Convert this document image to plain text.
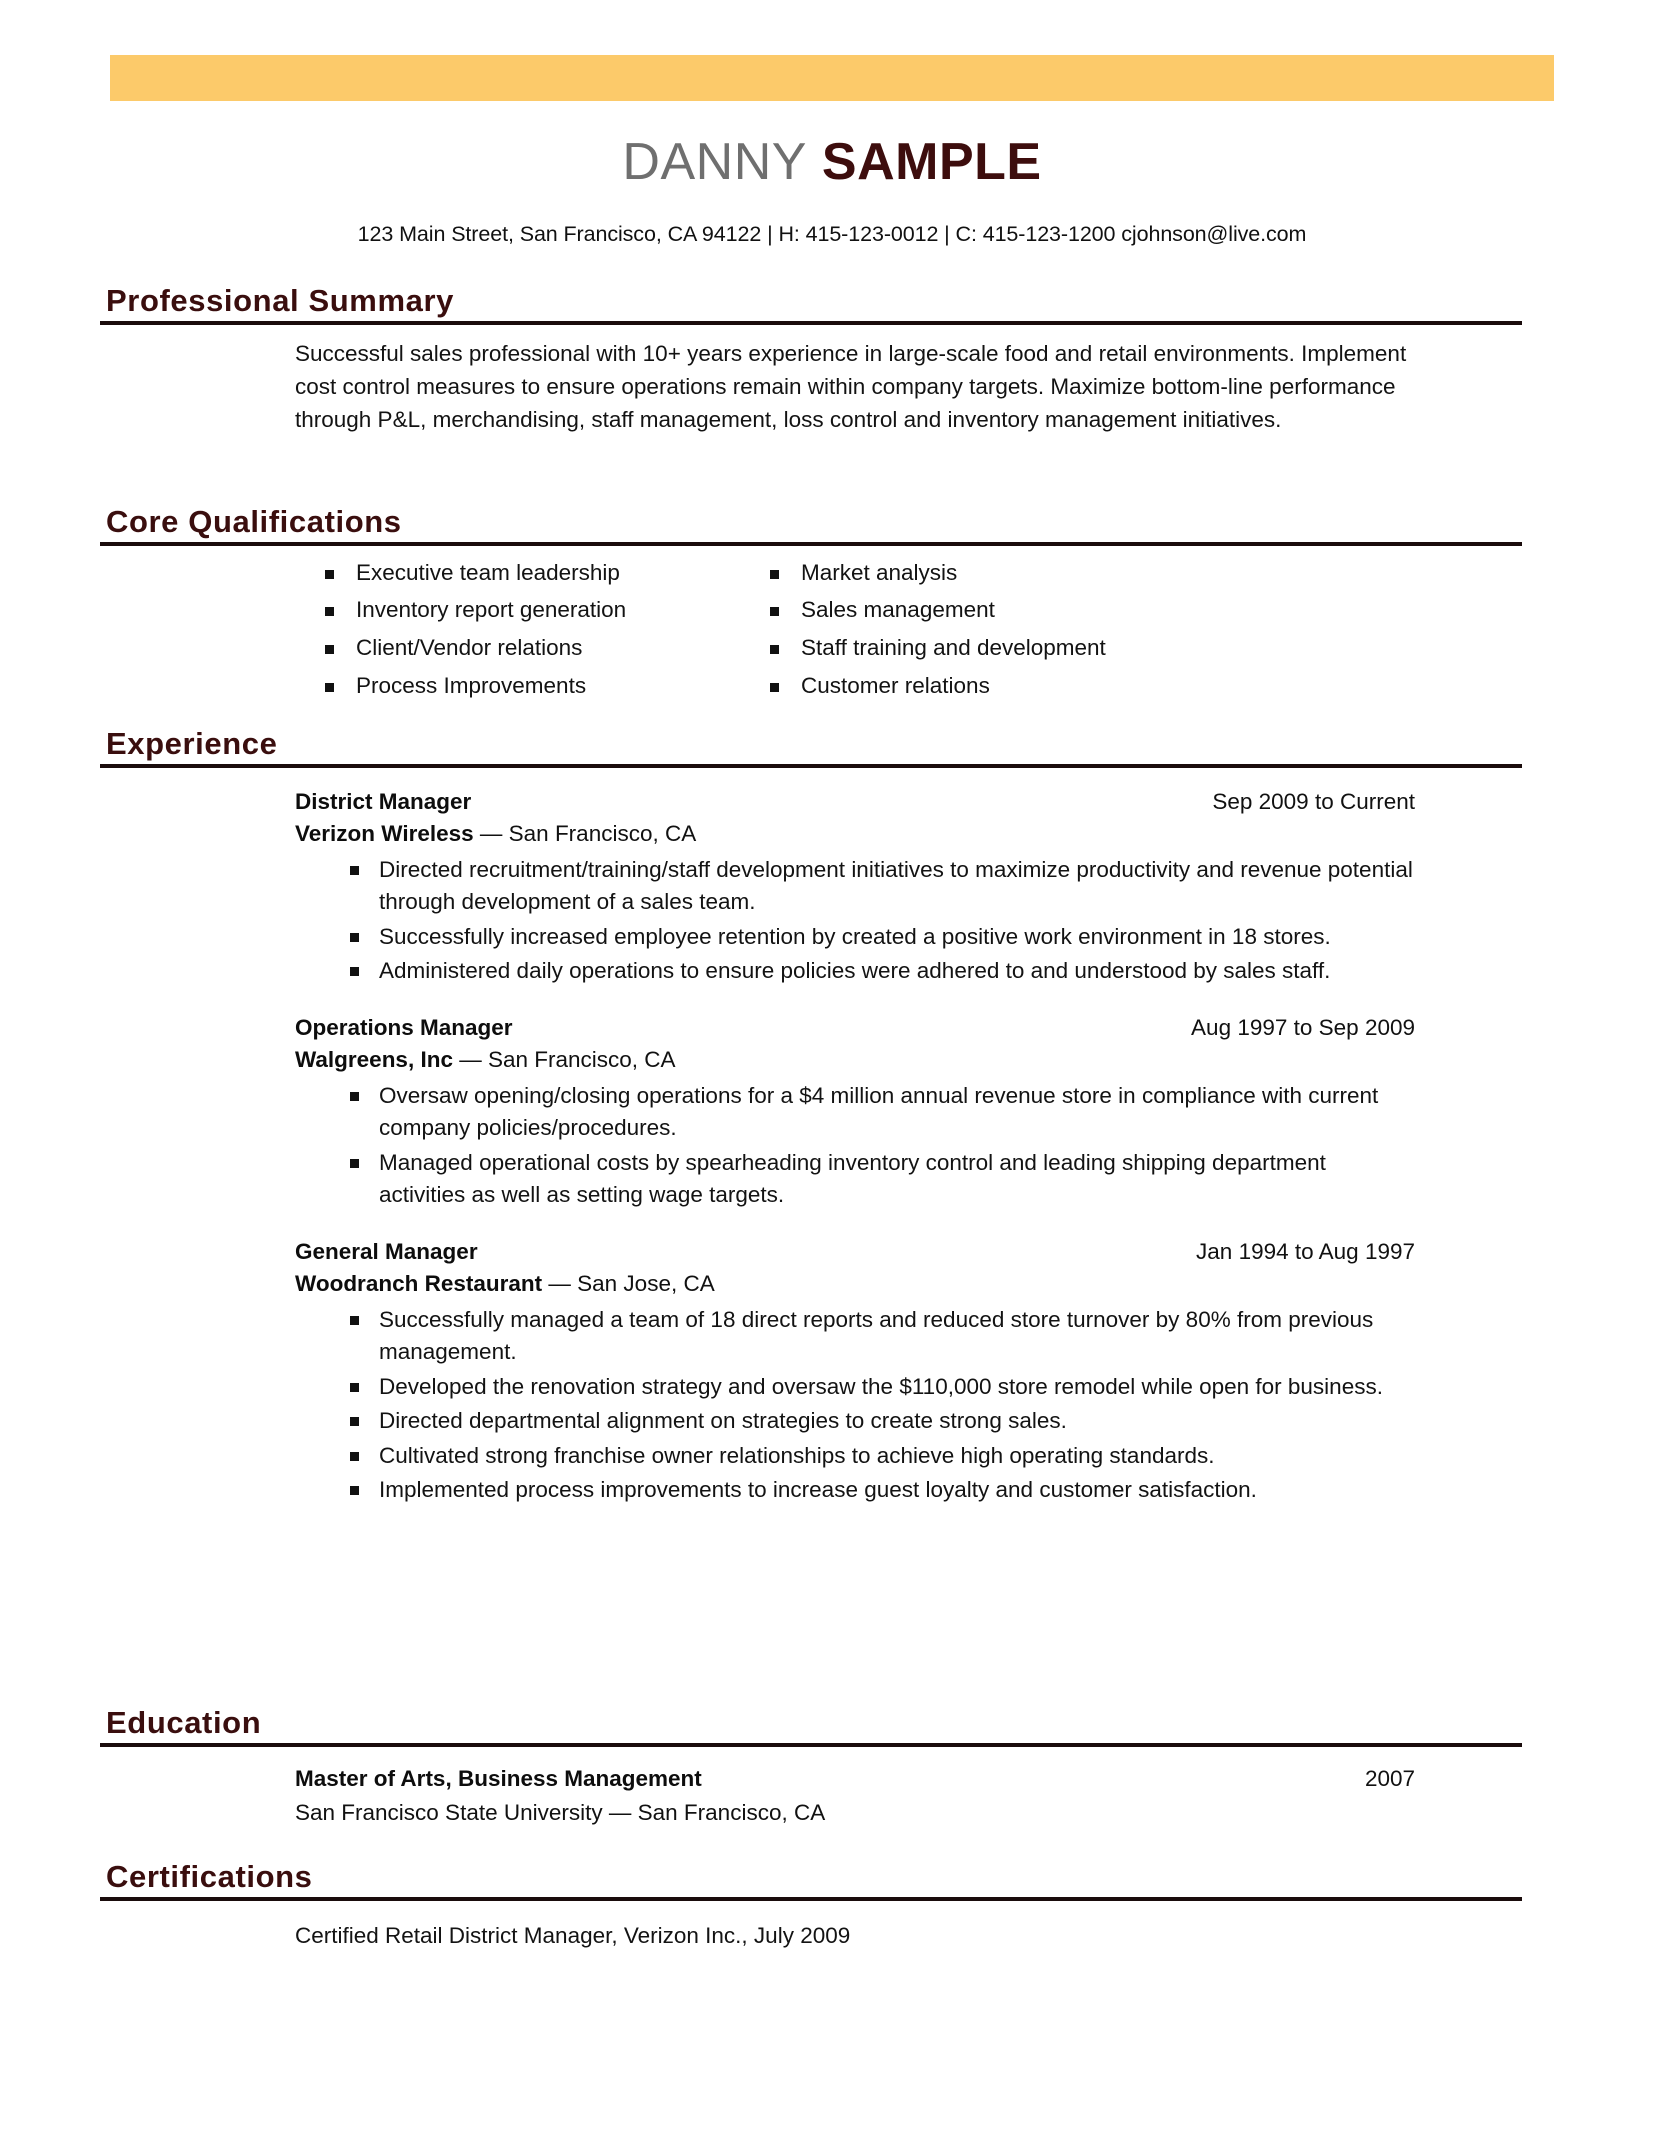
DANNY SAMPLE
123 Main Street, San Francisco, CA 94122 | H: 415-123-0012 | C: 415-123-1200 cjohnson@live.com
Professional Summary
Successful sales professional with 10+ years experience in large-scale food and retail environments. Implement cost control measures to ensure operations remain within company targets. Maximize bottom-line performance through P&L, merchandising, staff management, loss control and inventory management initiatives.
Core Qualifications
Executive team leadership
Inventory report generation
Client/Vendor relations
Process Improvements
Market analysis
Sales management
Staff training and development
Customer relations
Experience
District Manager	Sep 2009 to Current
Verizon Wireless — San Francisco, CA
Directed recruitment/training/staff development initiatives to maximize productivity and revenue potential through development of a sales team.
Successfully increased employee retention by created a positive work environment in 18 stores.
Administered daily operations to ensure policies were adhered to and understood by sales staff.
Operations Manager	Aug 1997 to Sep 2009
Walgreens, Inc — San Francisco, CA
Oversaw opening/closing operations for a $4 million annual revenue store in compliance with current company policies/procedures.
Managed operational costs by spearheading inventory control and leading shipping department activities as well as setting wage targets.
General Manager	Jan 1994 to Aug 1997
Woodranch Restaurant — San Jose, CA
Successfully managed a team of 18 direct reports and reduced store turnover by 80% from previous management.
Developed the renovation strategy and oversaw the $110,000 store remodel while open for business.
Directed departmental alignment on strategies to create strong sales.
Cultivated strong franchise owner relationships to achieve high operating standards.
Implemented process improvements to increase guest loyalty and customer satisfaction.
Education
Master of Arts, Business Management	2007
San Francisco State University — San Francisco, CA
Certifications
Certified Retail District Manager, Verizon Inc., July 2009
